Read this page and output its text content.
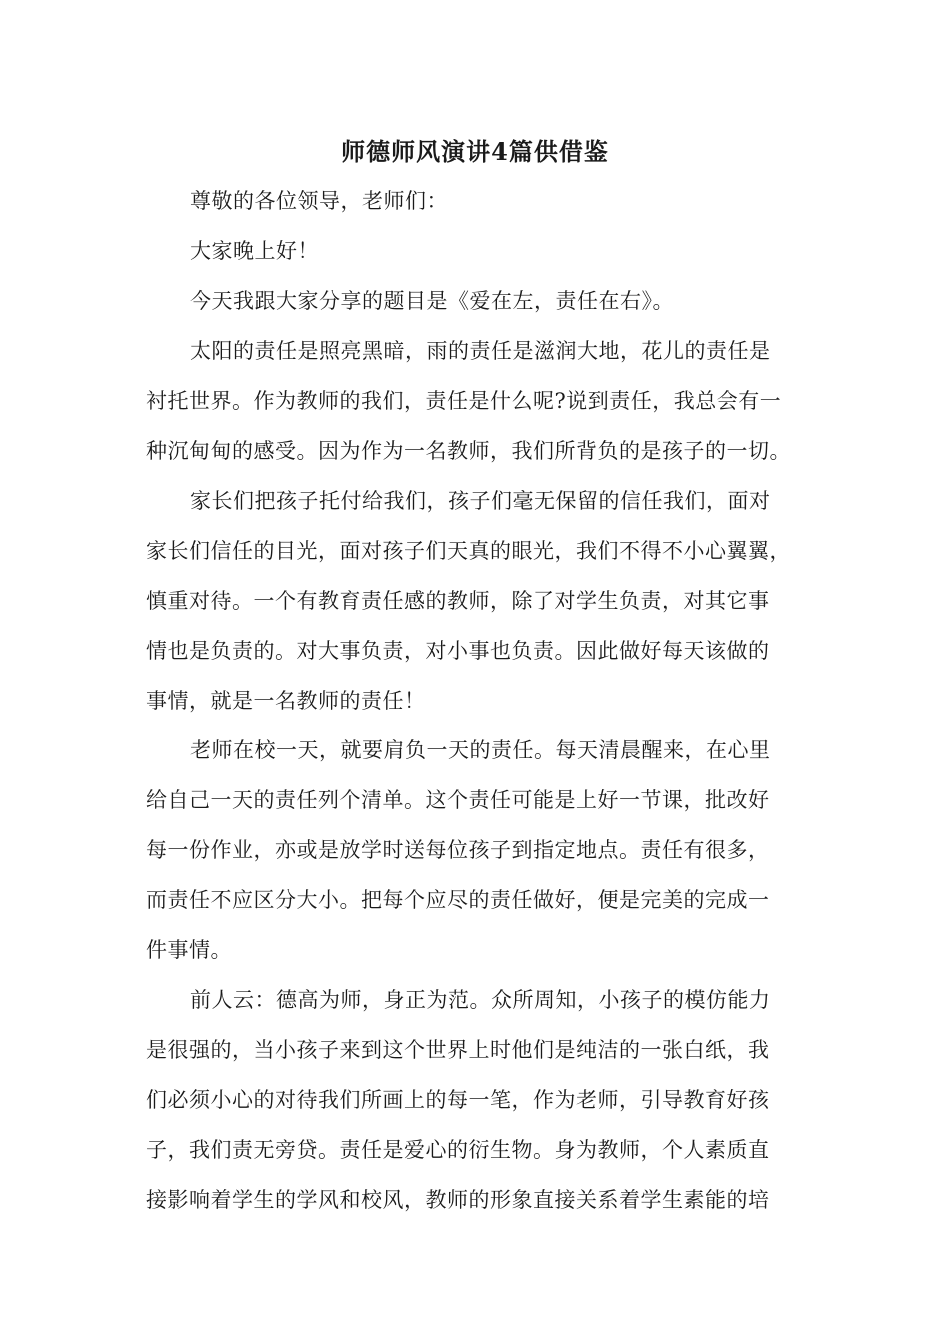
师德师风演讲4篇供借鉴
尊敬的各位领导，老师们：
大家晚上好！
今天我跟大家分享的题目是《爱在左，责任在右》。
太阳的责任是照亮黑暗，雨的责任是滋润大地，花儿的责任是
衬托世界。作为教师的我们，责任是什么呢?说到责任，我总会有一
种沉甸甸的感受。因为作为一名教师，我们所背负的是孩子的一切。
家长们把孩子托付给我们，孩子们毫无保留的信任我们，面对
家长们信任的目光，面对孩子们天真的眼光，我们不得不小心翼翼，
慎重对待。一个有教育责任感的教师，除了对学生负责，对其它事
情也是负责的。对大事负责，对小事也负责。因此做好每天该做的
事情，就是一名教师的责任！
老师在校一天，就要肩负一天的责任。每天清晨醒来，在心里
给自己一天的责任列个清单。这个责任可能是上好一节课，批改好
每一份作业，亦或是放学时送每位孩子到指定地点。责任有很多，
而责任不应区分大小。把每个应尽的责任做好，便是完美的完成一
件事情。
前人云：德高为师，身正为范。众所周知，小孩子的模仿能力
是很强的，当小孩子来到这个世界上时他们是纯洁的一张白纸，我
们必须小心的对待我们所画上的每一笔，作为老师，引导教育好孩
子，我们责无旁贷。责任是爱心的衍生物。身为教师，个人素质直
接影响着学生的学风和校风，教师的形象直接关系着学生素能的培
